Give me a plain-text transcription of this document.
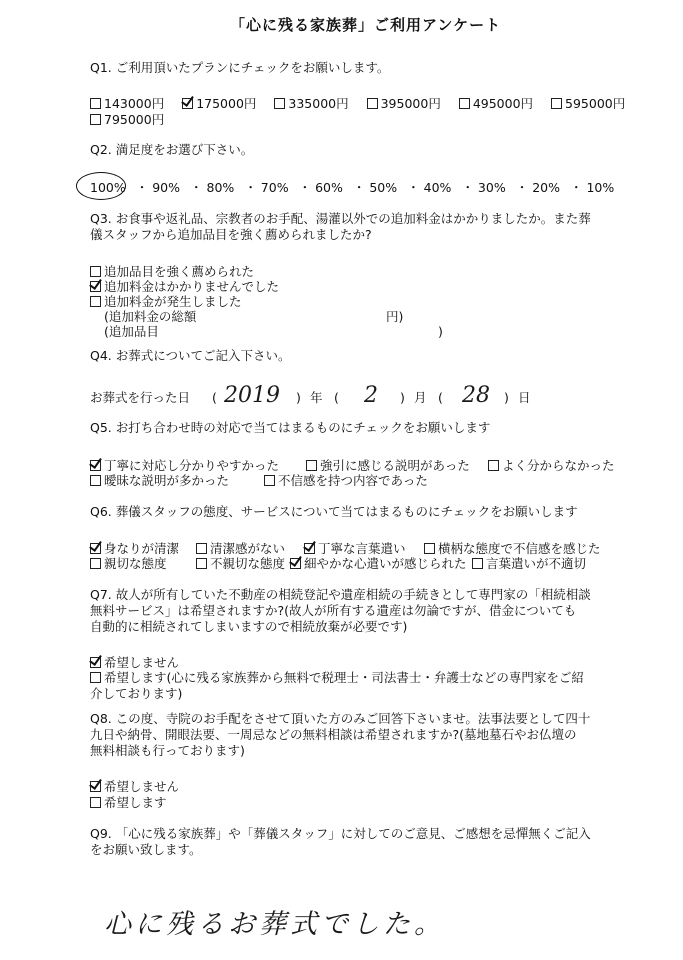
「心に残る家族葬」ご利用アンケート
Q1. ご利用頂いたプランにチェックをお願いします。
143000円	175000円	335000円	395000円	495000円	595000円
795000円
Q2. 満足度をお選び下さい。
100% ・ 90% ・ 80% ・ 70% ・ 60% ・ 50% ・ 40% ・ 30% ・ 20% ・ 10%
Q3. お食事や返礼品、宗教者のお手配、湯灌以外での追加料金はかかりましたか。また葬
儀スタッフから追加品目を強く薦められましたか?
追加品目を強く薦められた
追加料金はかかりませんでした
追加料金が発生しました
(追加料金の総額	円)
(追加品目	)
Q4. お葬式についてご記入下さい。
お葬式を行った日 ( 2019 ) 年 ( 2 ) 月 ( 28 ) 日
Q5. お打ち合わせ時の対応で当てはまるものにチェックをお願いします
丁寧に対応し分かりやすかった	強引に感じる説明があった	よく分からなかった
曖昧な説明が多かった	不信感を持つ内容であった
Q6. 葬儀スタッフの態度、サービスについて当てはまるものにチェックをお願いします
身なりが清潔	清潔感がない	丁寧な言葉遣い	横柄な態度で不信感を感じた
親切な態度	不親切な態度	細やかな心遣いが感じられた	言葉遣いが不適切
Q7. 故人が所有していた不動産の相続登記や遺産相続の手続きとして専門家の「相続相談
無料サービス」は希望されますか?(故人が所有する遺産は勿論ですが、借金についても
自動的に相続されてしまいますので相続放棄が必要です)
希望しません
希望します(心に残る家族葬から無料で税理士・司法書士・弁護士などの専門家をご紹
介しております)
Q8. この度、寺院のお手配をさせて頂いた方のみご回答下さいませ。法事法要として四十
九日や納骨、開眼法要、一周忌などの無料相談は希望されますか?(墓地墓石やお仏壇の
無料相談も行っております)
希望しません
希望します
Q9. 「心に残る家族葬」や「葬儀スタッフ」に対してのご意見、ご感想を忌憚無くご記入
をお願い致します。
心に残るお葬式でした。
